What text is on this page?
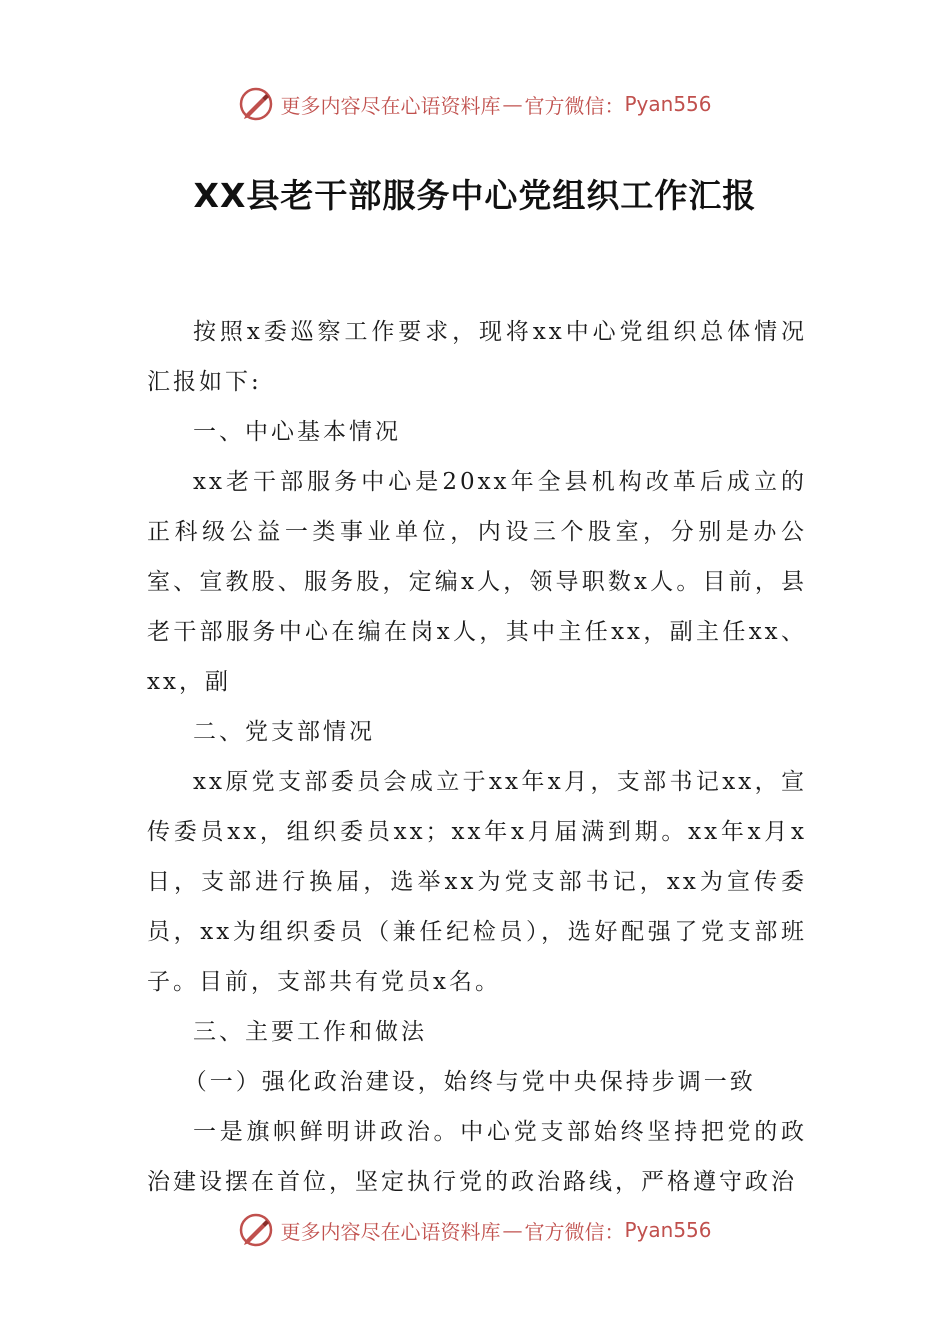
更多内容尽在心语资料库 — 官方微信： Pyan556
XX县老干部服务中心党组织工作汇报

按照x委巡察工作要求，现将xx中心党组织总体情况汇报如下:

一、中心基本情况

xx老干部服务中心是20xx年全县机构改革后成立的正科级公益一类事业单位，内设三个股室，分别是办公室、宣教股、服务股，定编x人，领导职数x人。目前，县老干部服务中心在编在岗x人，其中主任xx，副主任xx、xx，副

二、党支部情况

xx原党支部委员会成立于xx年x月，支部书记xx，宣传委员xx，组织委员xx；xx年x月届满到期。xx年x月x日，支部进行换届，选举xx为党支部书记，xx为宣传委员，xx为组织委员（兼任纪检员），选好配强了党支部班子。目前，支部共有党员x名。

三、主要工作和做法

（一）强化政治建设，始终与党中央保持步调一致

一是旗帜鲜明讲政治。中心党支部始终坚持把党的政治建设摆在首位，坚定执行党的政治路线，严格遵守政治

更多内容尽在心语资料库 — 官方微信： Pyan556
